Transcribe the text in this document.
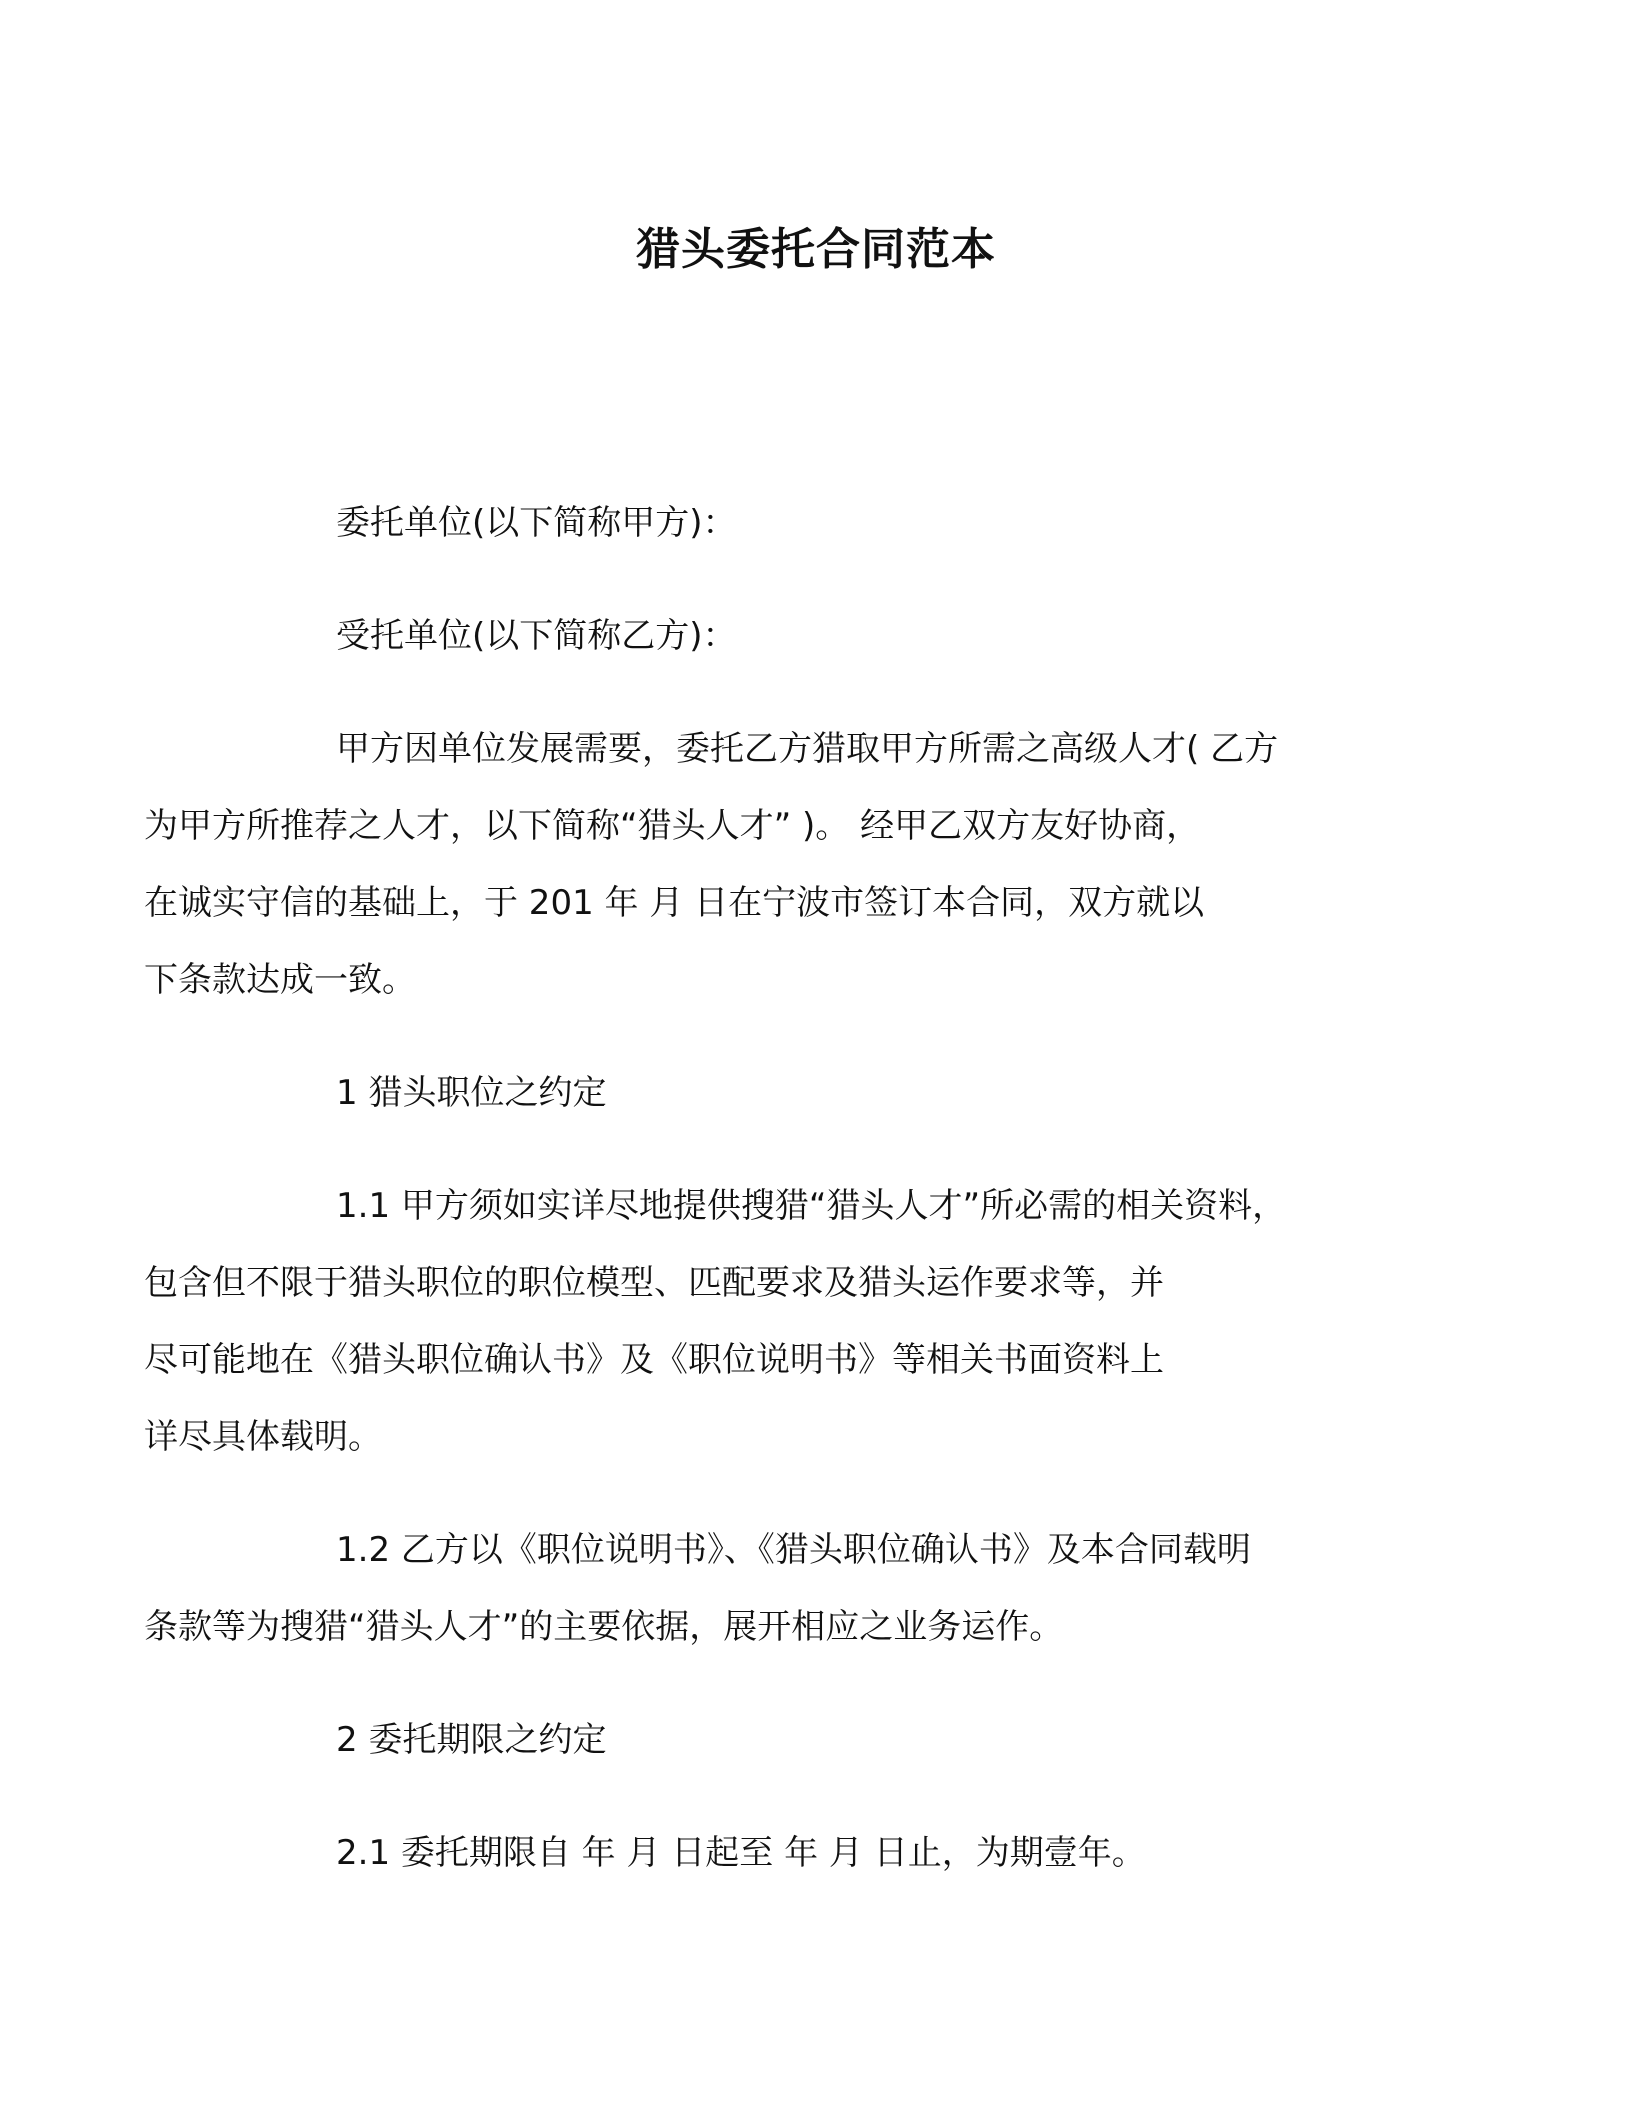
猎头委托合同范本

委托单位(以下简称甲方)：

受托单位(以下简称乙方)：

甲方因单位发展需要，委托乙方猎取甲方所需之高级人才( 乙方
为甲方所推荐之人才，以下简称“猎头人才” )。 经甲乙双方友好协商，
在诚实守信的基础上，于 201 年 月 日在宁波市签订本合同，双方就以
下条款达成一致。

1 猎头职位之约定

1.1 甲方须如实详尽地提供搜猎“猎头人才”所必需的相关资料，
包含但不限于猎头职位的职位模型、匹配要求及猎头运作要求等，并
尽可能地在《猎头职位确认书》及《职位说明书》等相关书面资料上
详尽具体载明。

1.2 乙方以《职位说明书》、《猎头职位确认书》及本合同载明
条款等为搜猎“猎头人才”的主要依据，展开相应之业务运作。

2 委托期限之约定

2.1 委托期限自 年 月 日起至 年 月 日止，为期壹年。
